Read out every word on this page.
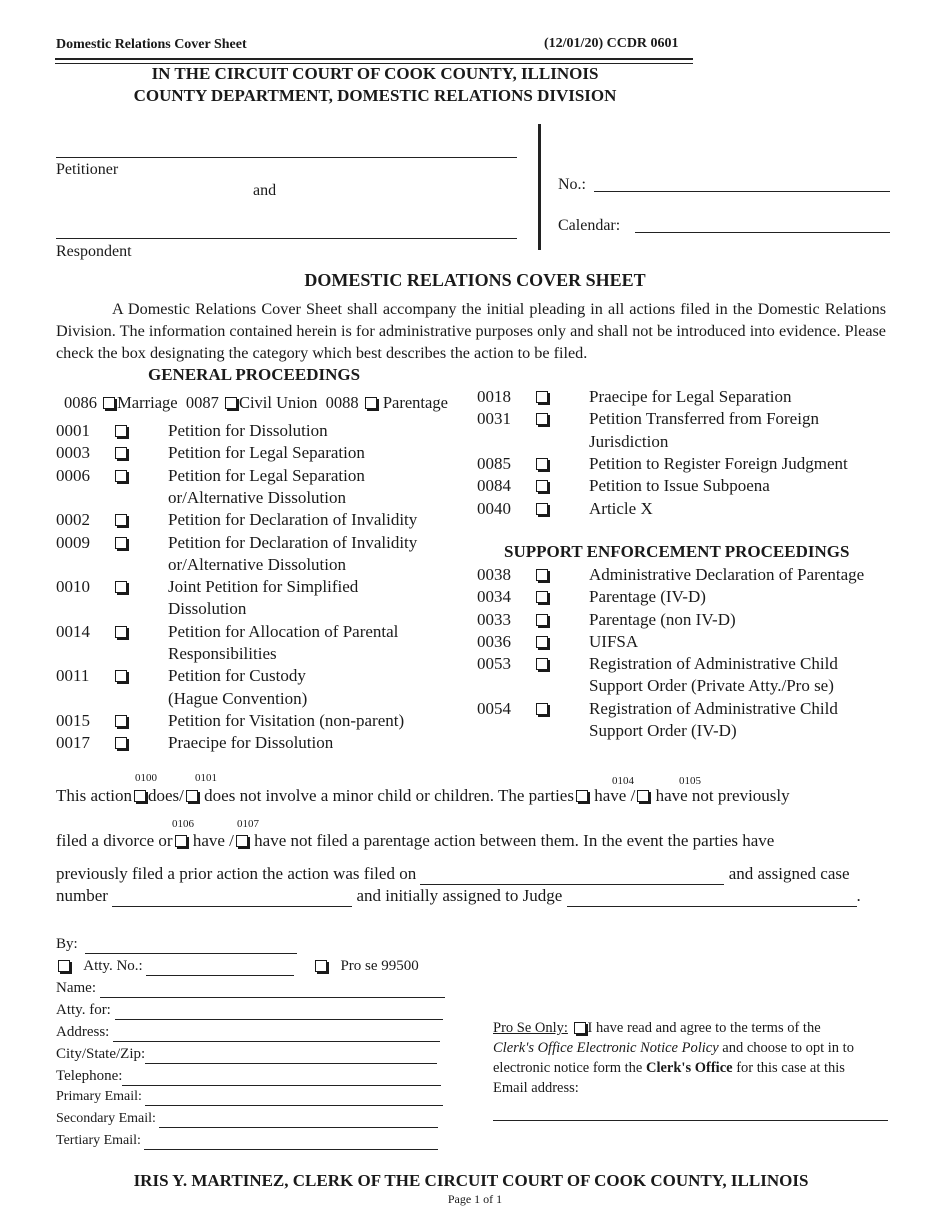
Domestic Relations Cover Sheet	(12/01/20) CCDR 0601
IN THE CIRCUIT COURT OF COOK COUNTY, ILLINOIS
COUNTY DEPARTMENT, DOMESTIC RELATIONS DIVISION
Petitioner
and
Respondent
No.:
Calendar:
DOMESTIC RELATIONS COVER SHEET
A Domestic Relations Cover Sheet shall accompany the initial pleading in all actions filed in the Domestic Relations Division. The information contained herein is for administrative purposes only and shall not be introduced into evidence. Please check the box designating the category which best describes the action to be filed.
GENERAL PROCEEDINGS
0086 Marriage 0087 Civil Union 0088 Parentage
0001	Petition for Dissolution
0003	Petition for Legal Separation
0006	Petition for Legal Separation
or/Alternative Dissolution
0002	Petition for Declaration of Invalidity
0009	Petition for Declaration of Invalidity
or/Alternative Dissolution
0010	Joint Petition for Simplified
Dissolution
0014	Petition for Allocation of Parental
Responsibilities
0011	Petition for Custody
(Hague Convention)
0015	Petition for Visitation (non-parent)
0017	Praecipe for Dissolution
0018	Praecipe for Legal Separation
0031	Petition Transferred from Foreign
Jurisdiction
0085	Petition to Register Foreign Judgment
0084	Petition to Issue Subpoena
0040	Article X
SUPPORT ENFORCEMENT PROCEEDINGS
0038	Administrative Declaration of Parentage
0034	Parentage (IV-D)
0033	Parentage (non IV-D)
0036	UIFSA
0053	Registration of Administrative Child
Support Order (Private Atty./Pro se)
0054	Registration of Administrative Child
Support Order (IV-D)
0100	0101	0104	0105
This action does/ does not involve a minor child or children. The parties have / have not previously
0106	0107
filed a divorce or have / have not filed a parentage action between them. In the event the parties have
previously filed a prior action the action was filed on	and assigned case
number	and initially assigned to Judge	.
By:
Atty. No.:	Pro se 99500
Name:
Atty. for:
Address:
City/State/Zip:
Telephone:
Primary Email:
Secondary Email:
Tertiary Email:
Pro Se Only: I have read and agree to the terms of the
Clerk's Office Electronic Notice Policy and choose to opt in to
electronic notice form the Clerk's Office for this case at this
Email address:
IRIS Y. MARTINEZ, CLERK OF THE CIRCUIT COURT OF COOK COUNTY, ILLINOIS
Page 1 of 1
